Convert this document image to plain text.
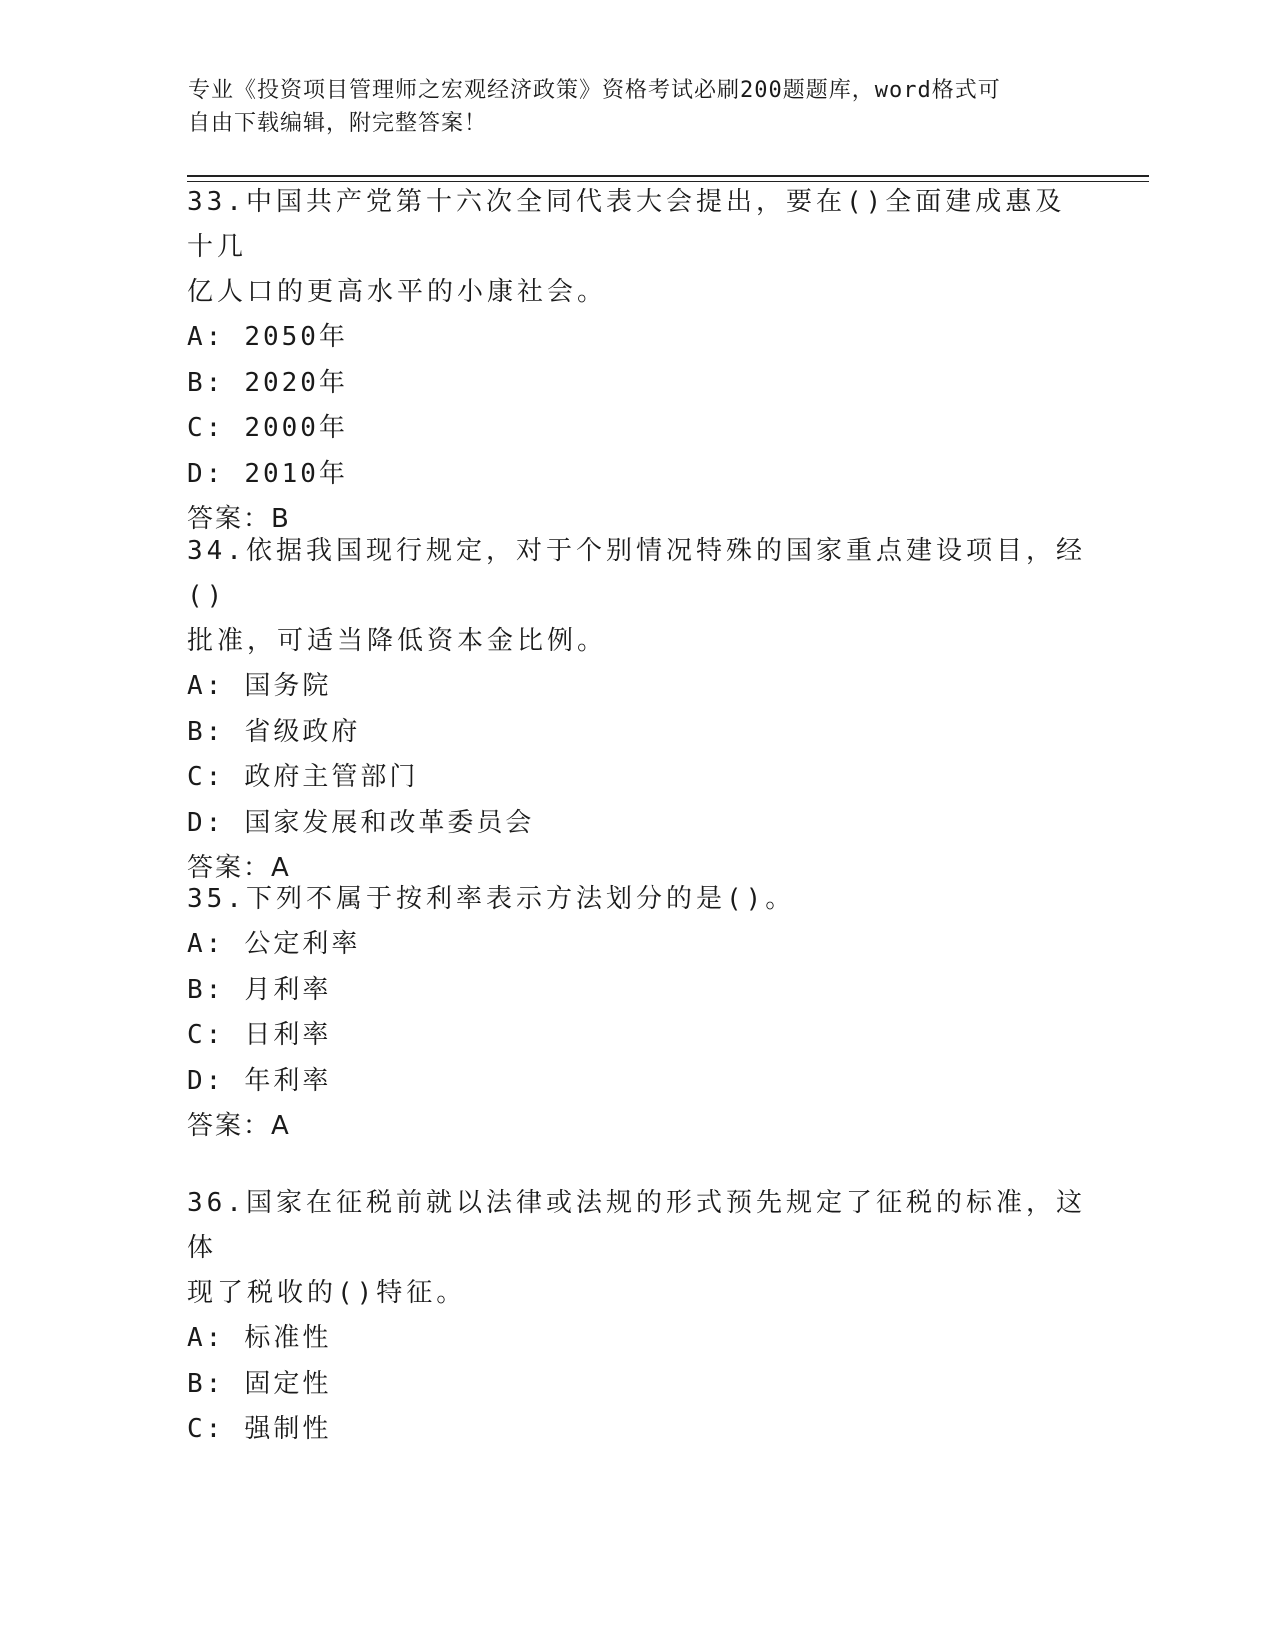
专业《投资项目管理师之宏观经济政策》资格考试必刷200题题库，word格式可
自由下载编辑，附完整答案！

33.中国共产党第十六次全同代表大会提出，要在()全面建成惠及十几

亿人口的更高水平的小康社会。

A: 2050年
B: 2020年
C: 2000年
D: 2010年

答案：B

34.依据我国现行规定，对于个别情况特殊的国家重点建设项目，经()

批准，可适当降低资本金比例。

A: 国务院
B: 省级政府
C: 政府主管部门
D: 国家发展和改革委员会

答案：A

35.下列不属于按利率表示方法划分的是()。

A: 公定利率
B: 月利率
C: 日利率
D: 年利率

答案：A

36.国家在征税前就以法律或法规的形式预先规定了征税的标准，这体

现了税收的()特征。

A: 标准性
B: 固定性
C: 强制性
